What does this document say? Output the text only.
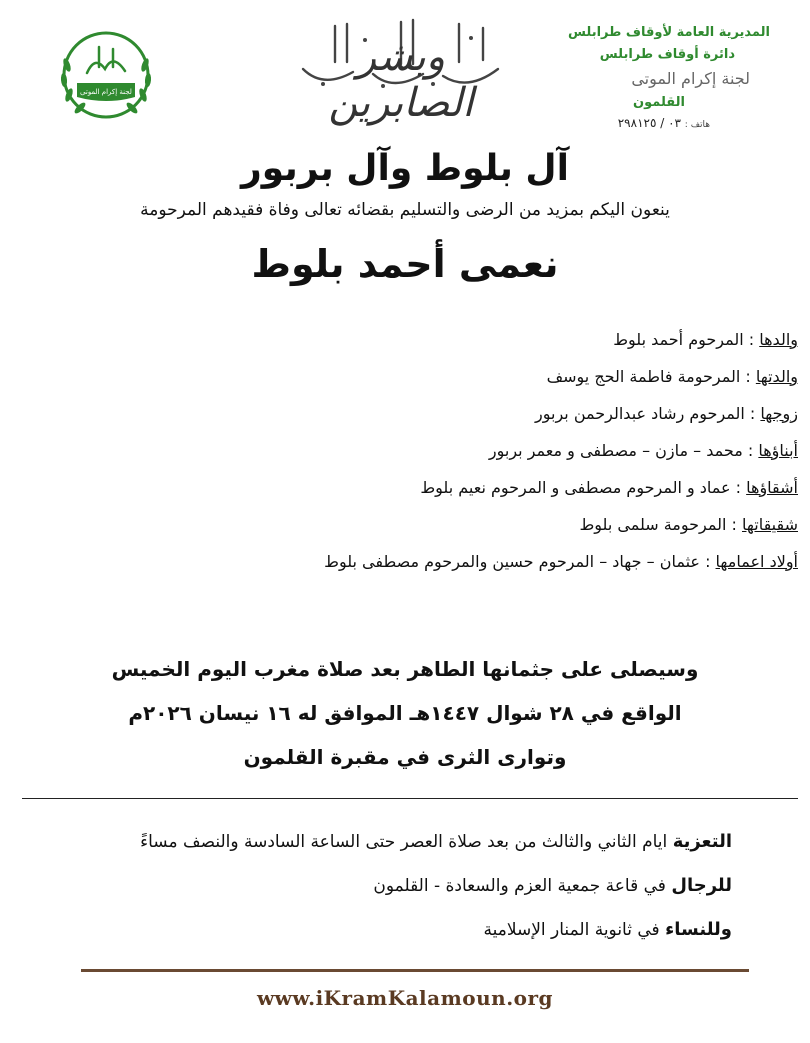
المديرية العامة لأوقاف طرابلس
دائرة أوقاف طرابلس
لجنة إكرام الموتى
القلمون
هاتف : ٠٣ / ٢٩٨١٢٥
وبشر الصابرين
لجنة إكرام الموتى
آل بلوط وآل بربور
ينعون اليكم بمزيد من الرضى والتسليم بقضائه تعالى وفاة فقيدهم المرحومة
نعمى أحمد بلوط
والدها : المرحوم أحمد بلوط
والدتها : المرحومة فاطمة الحج يوسف
زوجها : المرحوم رشاد عبدالرحمن بربور
أبناؤها : محمد – مازن – مصطفى و معمر بربور
أشقاؤها : عماد و المرحوم مصطفى و المرحوم نعيم بلوط
شقيقاتها : المرحومة سلمى بلوط
أولاد اعمامها : عثمان – جهاد – المرحوم حسين والمرحوم مصطفى بلوط
وسيصلى على جثمانها الطاهر بعد صلاة مغرب اليوم الخميس
الواقع في ٢٨ شوال ١٤٤٧هـ الموافق له ١٦ نيسان ٢٠٢٦م
وتوارى الثرى في مقبرة القلمون
التعزية ايام الثاني والثالث من بعد صلاة العصر حتى الساعة السادسة والنصف مساءً
للرجال في قاعة جمعية العزم والسعادة - القلمون
وللنساء في ثانوية المنار الإسلامية
www.iKramKalamoun.org
